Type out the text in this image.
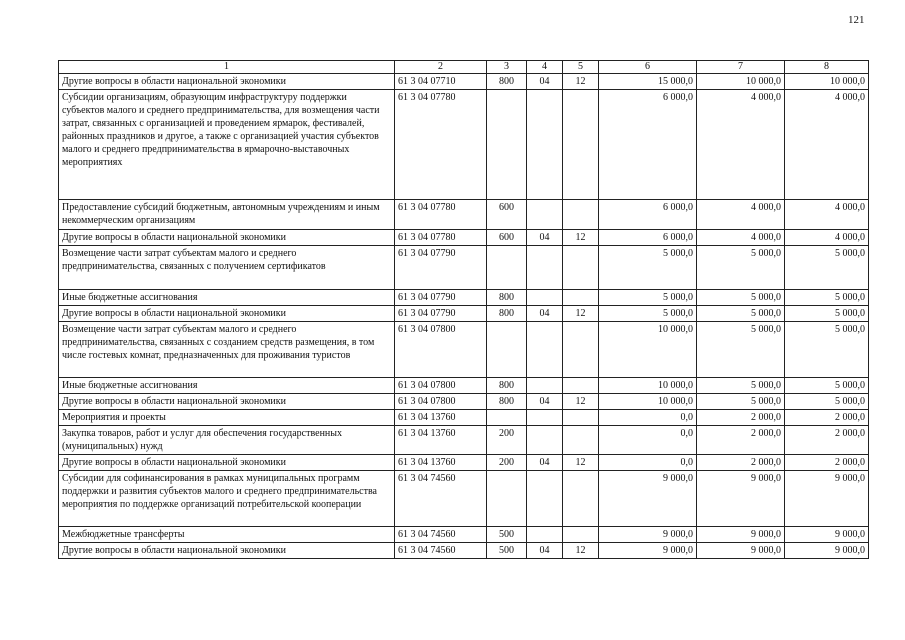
121
1	2	3	4	5	6	7	8
Другие вопросы в области национальной экономики	61 3 04 07710	800	04	12	15 000,0	10 000,0	10 000,0
Субсидии организациям, образующим инфраструктуру поддержки субъектов малого и среднего предпринимательства, для возмещения части затрат, связанных с организацией и проведением ярмарок, фестивалей, районных праздников и другое, а также с организацией участия субъектов малого и среднего предпринимательства в ярмарочно-выставочных мероприятиях	61 3 04 07780				6 000,0	4 000,0	4 000,0
Предоставление субсидий бюджетным, автономным учреждениям и иным некоммерческим организациям	61 3 04 07780	600			6 000,0	4 000,0	4 000,0
Другие вопросы в области национальной экономики	61 3 04 07780	600	04	12	6 000,0	4 000,0	4 000,0
Возмещение части затрат субъектам малого и среднего предпринимательства, связанных с получением сертификатов	61 3 04 07790				5 000,0	5 000,0	5 000,0
Иные бюджетные ассигнования	61 3 04 07790	800			5 000,0	5 000,0	5 000,0
Другие вопросы в области национальной экономики	61 3 04 07790	800	04	12	5 000,0	5 000,0	5 000,0
Возмещение части затрат субъектам малого и среднего предпринимательства, связанных с созданием средств размещения, в том числе гостевых комнат, предназначенных для проживания туристов	61 3 04 07800				10 000,0	5 000,0	5 000,0
Иные бюджетные ассигнования	61 3 04 07800	800			10 000,0	5 000,0	5 000,0
Другие вопросы в области национальной экономики	61 3 04 07800	800	04	12	10 000,0	5 000,0	5 000,0
Мероприятия и проекты	61 3 04 13760				0,0	2 000,0	2 000,0
Закупка товаров, работ и услуг для обеспечения государственных (муниципальных) нужд	61 3 04 13760	200			0,0	2 000,0	2 000,0
Другие вопросы в области национальной экономики	61 3 04 13760	200	04	12	0,0	2 000,0	2 000,0
Субсидии для софинансирования в рамках муниципальных программ поддержки и развития субъектов малого и среднего предпринимательства мероприятия по поддержке организаций потребительской кооперации	61 3 04 74560				9 000,0	9 000,0	9 000,0
Межбюджетные трансферты	61 3 04 74560	500			9 000,0	9 000,0	9 000,0
Другие вопросы в области национальной экономики	61 3 04 74560	500	04	12	9 000,0	9 000,0	9 000,0
